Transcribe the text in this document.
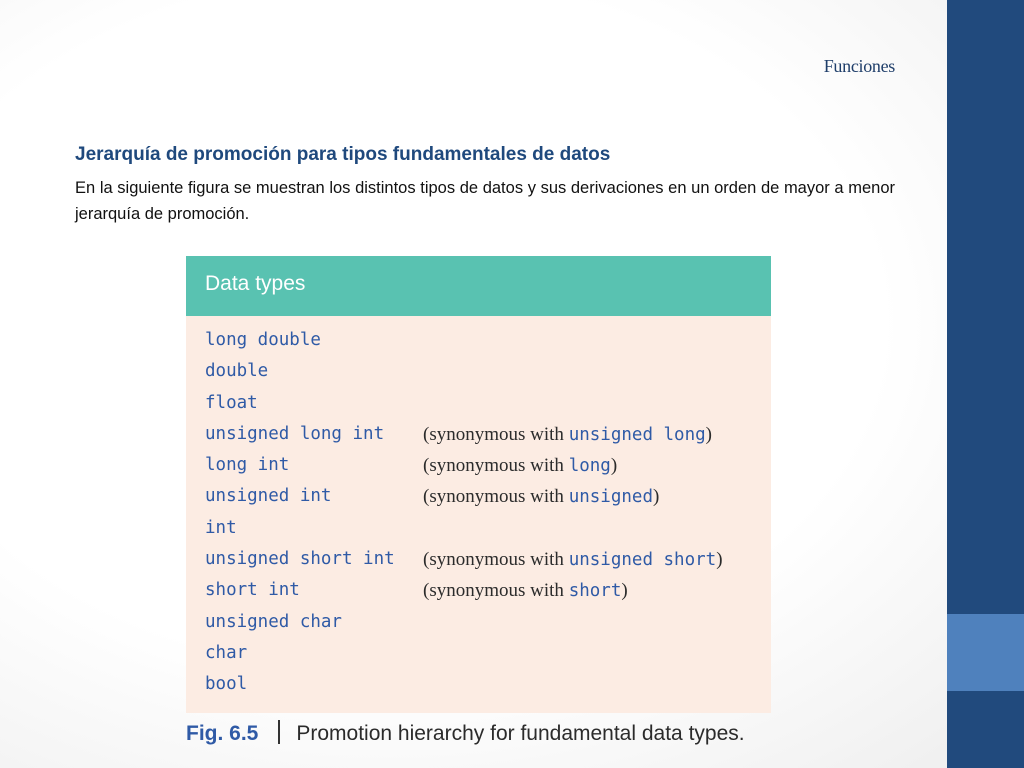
Funciones
Jerarquía de promoción para tipos fundamentales de datos
En la siguiente figura se muestran los distintos tipos de datos y sus derivaciones en un orden de mayor a menor jerarquía de promoción.
Data types
long double
double
float
unsigned long int (synonymous with unsigned long)
long int	(synonymous with long)
unsigned int	(synonymous with unsigned)
int
unsigned short int (synonymous with unsigned short)
short int	(synonymous with short)
unsigned char
char
bool
Fig. 6.5 Promotion hierarchy for fundamental data types.
